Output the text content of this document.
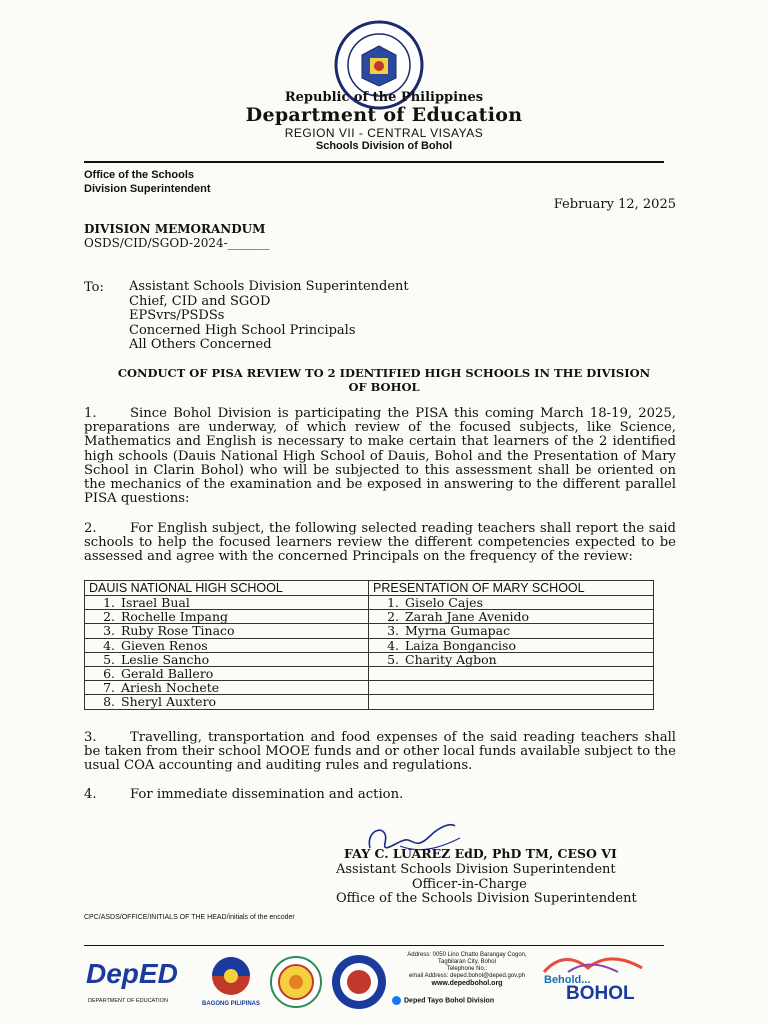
Republic of the Philippines
Department of Education
REGION VII - CENTRAL VISAYAS
Schools Division of Bohol
Office of the Schools
Division Superintendent
February 12, 2025
DIVISION MEMORANDUM
OSDS/CID/SGOD-2024-_______
To: Assistant Schools Division Superintendent
Chief, CID and SGOD
EPSvrs/PSDSs
Concerned High School Principals
All Others Concerned
CONDUCT OF PISA REVIEW TO 2 IDENTIFIED HIGH SCHOOLS IN THE DIVISION
OF BOHOL
1.	Since Bohol Division is participating the PISA this coming March 18-19, 2025, preparations are underway, of which review of the focused subjects, like Science, Mathematics and English is necessary to make certain that learners of the 2 identified high schools (Dauis National High School of Dauis, Bohol and the Presentation of Mary School in Clarin Bohol) who will be subjected to this assessment shall be oriented on the mechanics of the examination and be exposed in answering to the different parallel PISA questions:
2.	For English subject, the following selected reading teachers shall report the said schools to help the focused learners review the different competencies expected to be assessed and agree with the concerned Principals on the frequency of the review:
DAUIS NATIONAL HIGH SCHOOL	PRESENTATION OF MARY SCHOOL
1. Israel Bual	1. Giselo Cajes
2. Rochelle Impang	2. Zarah Jane Avenido
3. Ruby Rose Tinaco	3. Myrna Gumapac
4. Gieven Renos	4. Laiza Bonganciso
5. Leslie Sancho	5. Charity Agbon
6. Gerald Ballero	
7. Ariesh Nochete	
8. Sheryl Auxtero	
3.	Travelling, transportation and food expenses of the said reading teachers shall be taken from their school MOOE funds and or other local funds available subject to the usual COA accounting and auditing rules and regulations.
4.	For immediate dissemination and action.
FAY C. LUAREZ EdD, PhD TM, CESO VI
Assistant Schools Division Superintendent
Officer-in-Charge
Office of the Schools Division Superintendent
CPC/ASDS/OFFICE/INITIALS OF THE HEAD/initials of the encoder
DepED
DEPARTMENT OF EDUCATION	BAGONG PILIPINAS
Address: 0050 Lino Chatto Barangay Cogon,
Tagbilaran City, Bohol
Telephone No.:
email Address: deped.bohol@deped.gov.ph
www.depedbohol.org
Deped Tayo Bohol Division
Behold...
BOHOL
